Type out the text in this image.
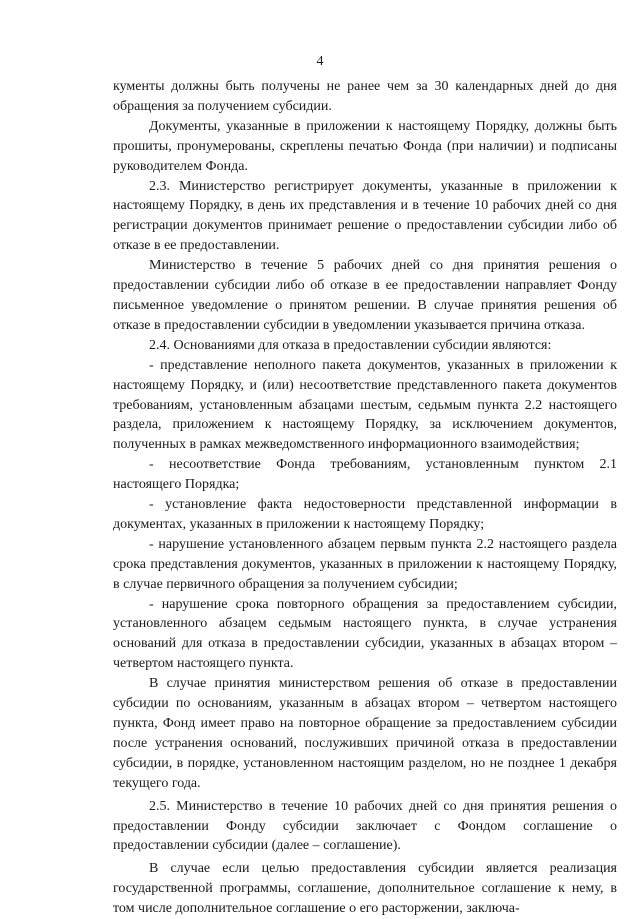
4

кументы должны быть получены не ранее чем за 30 календарных дней до дня обращения за получением субсидии.

Документы, указанные в приложении к настоящему Порядку, должны быть прошиты, пронумерованы, скреплены печатью Фонда (при наличии) и подписаны руководителем Фонда.

2.3. Министерство регистрирует документы, указанные в приложении к настоящему Порядку, в день их представления и в течение 10 рабочих дней со дня регистрации документов принимает решение о предоставлении субсидии либо об отказе в ее предоставлении.

Министерство в течение 5 рабочих дней со дня принятия решения о предоставлении субсидии либо об отказе в ее предоставлении направляет Фонду письменное уведомление о принятом решении. В случае принятия решения об отказе в предоставлении субсидии в уведомлении указывается причина отказа.

2.4. Основаниями для отказа в предоставлении субсидии являются:

- представление неполного пакета документов, указанных в приложении к настоящему Порядку, и (или) несоответствие представленного пакета документов требованиям, установленным абзацами шестым, седьмым пункта 2.2 настоящего раздела, приложением к настоящему Порядку, за исключением документов, полученных в рамках межведомственного информационного взаимодействия;

- несоответствие Фонда требованиям, установленным пунктом 2.1 настоящего Порядка;

- установление факта недостоверности представленной информации в документах, указанных в приложении к настоящему Порядку;

- нарушение установленного абзацем первым пункта 2.2 настоящего раздела срока представления документов, указанных в приложении к настоящему Порядку, в случае первичного обращения за получением субсидии;

- нарушение срока повторного обращения за предоставлением субсидии, установленного абзацем седьмым настоящего пункта, в случае устранения оснований для отказа в предоставлении субсидии, указанных в абзацах втором – четвертом настоящего пункта.

В случае принятия министерством решения об отказе в предоставлении субсидии по основаниям, указанным в абзацах втором – четвертом настоящего пункта, Фонд имеет право на повторное обращение за предоставлением субсидии после устранения оснований, послуживших причиной отказа в предоставлении субсидии, в порядке, установленном настоящим разделом, но не позднее 1 декабря текущего года.

2.5. Министерство в течение 10 рабочих дней со дня принятия решения о предоставлении Фонду субсидии заключает с Фондом соглашение о предоставлении субсидии (далее – соглашение).

В случае если целью предоставления субсидии является реализация государственной программы, соглашение, дополнительное соглашение к нему, в том числе дополнительное соглашение о его расторжении, заключа-
